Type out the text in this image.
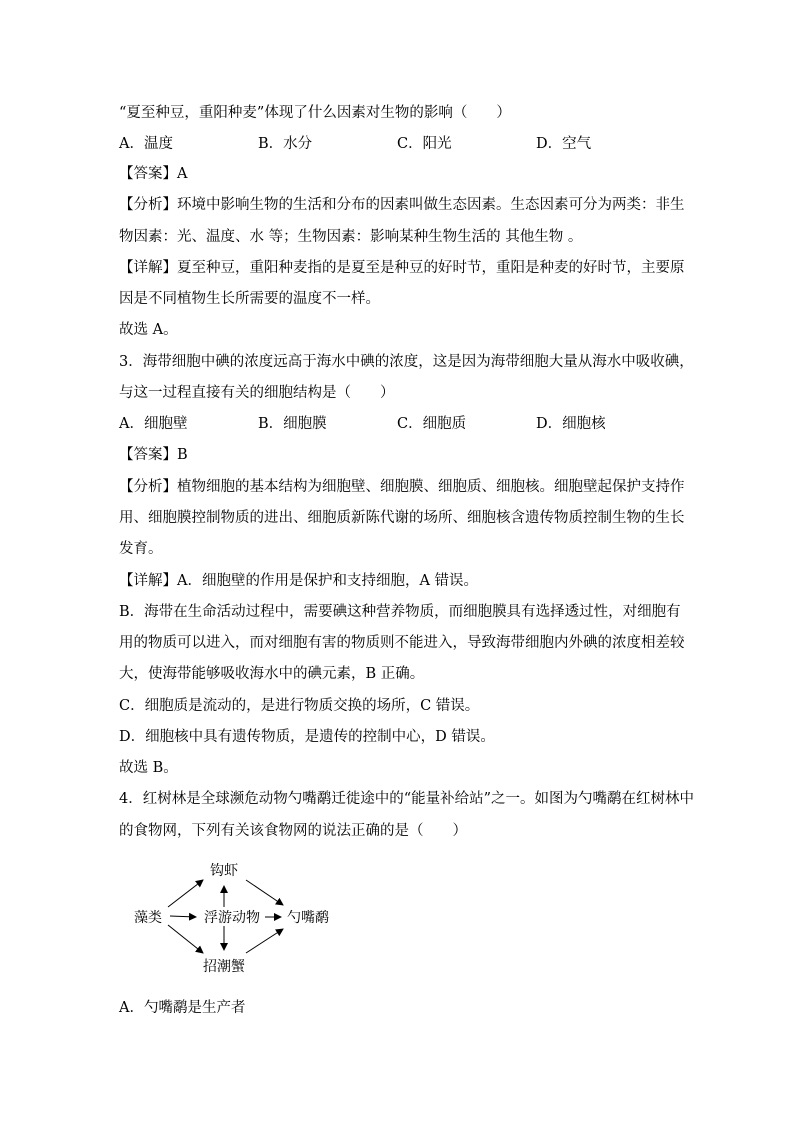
“夏至种豆，重阳种麦”体现了什么因素对生物的影响（　　）
A．温度	B．水分	C．阳光	D．空气
【答案】A
【分析】环境中影响生物的生活和分布的因素叫做生态因素。生态因素可分为两类：非生
物因素：光、温度、水 等；生物因素：影响某种生物生活的 其他生物 。
【详解】夏至种豆，重阳种麦指的是夏至是种豆的好时节，重阳是种麦的好时节，主要原
因是不同植物生长所需要的温度不一样。
故选 A。
3．海带细胞中碘的浓度远高于海水中碘的浓度，这是因为海带细胞大量从海水中吸收碘，
与这一过程直接有关的细胞结构是（　　）
A．细胞壁	B．细胞膜	C．细胞质	D．细胞核
【答案】B
【分析】植物细胞的基本结构为细胞壁、细胞膜、细胞质、细胞核。细胞壁起保护支持作
用、细胞膜控制物质的进出、细胞质新陈代谢的场所、细胞核含遗传物质控制生物的生长
发育。
【详解】A．细胞壁的作用是保护和支持细胞，A 错误。
B．海带在生命活动过程中，需要碘这种营养物质，而细胞膜具有选择透过性，对细胞有
用的物质可以进入，而对细胞有害的物质则不能进入，导致海带细胞内外碘的浓度相差较
大，使海带能够吸收海水中的碘元素，B 正确。
C．细胞质是流动的，是进行物质交换的场所，C 错误。
D．细胞核中具有遗传物质，是遗传的控制中心，D 错误。
故选 B。
4．红树林是全球濒危动物勺嘴鹬迁徙途中的“能量补给站”之一。如图为勺嘴鹬在红树林中
的食物网，下列有关该食物网的说法正确的是（　　）
钩虾
藻类	浮游动物 勺嘴鹬
招潮蟹
A．勺嘴鹬是生产者
